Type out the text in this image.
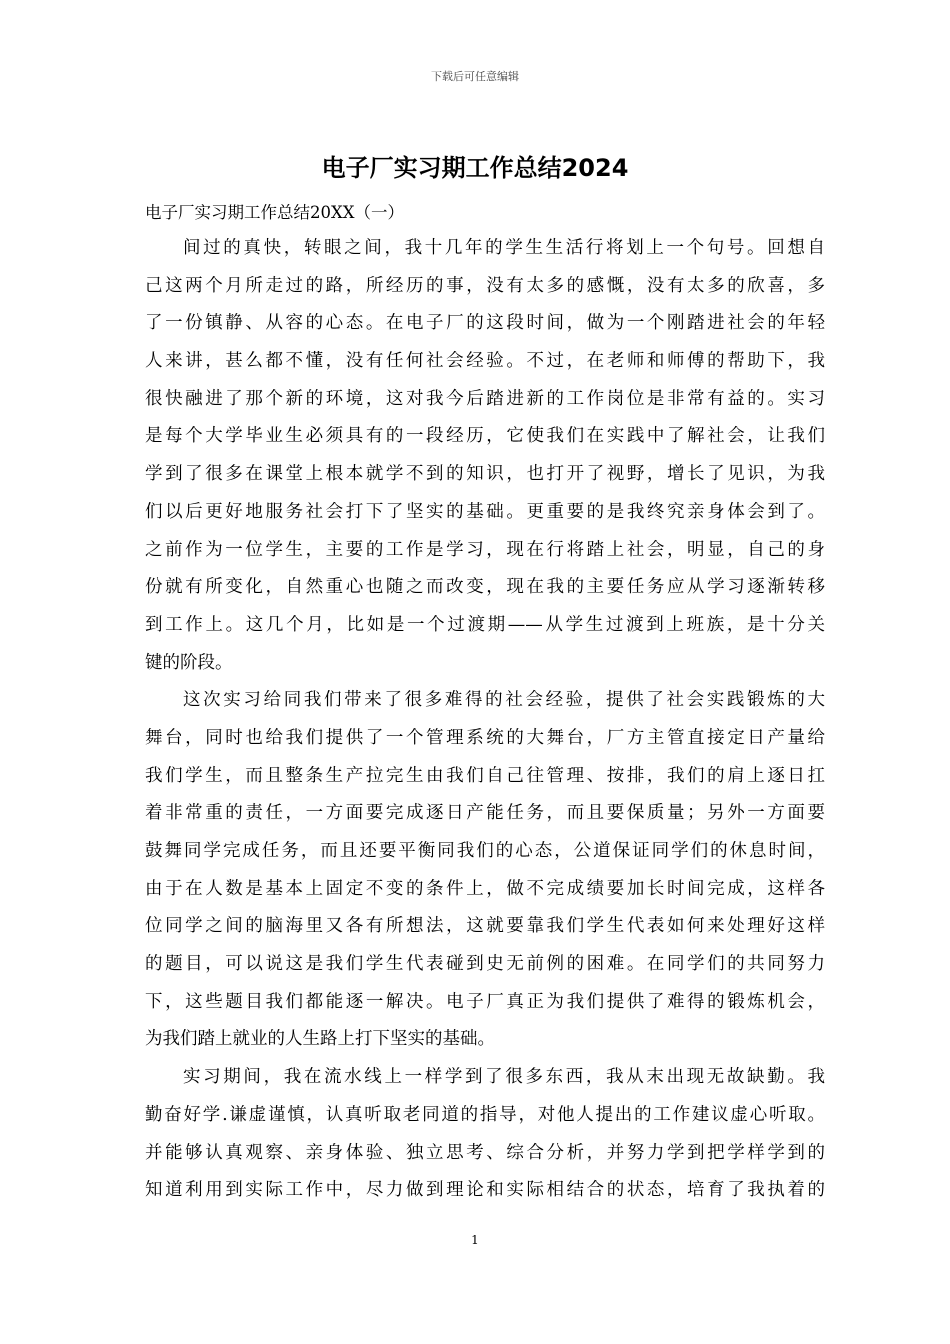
下载后可任意编辑
电子厂实习期工作总结2024

电子厂实习期工作总结20XX（一）

间过的真快，转眼之间，我十几年的学生生活行将划上一个句号。回想自
己这两个月所走过的路，所经历的事，没有太多的感慨，没有太多的欣喜，多
了一份镇静、从容的心态。在电子厂的这段时间，做为一个刚踏进社会的年轻
人来讲，甚么都不懂，没有任何社会经验。不过，在老师和师傅的帮助下，我
很快融进了那个新的环境，这对我今后踏进新的工作岗位是非常有益的。实习
是每个大学毕业生必须具有的一段经历，它使我们在实践中了解社会，让我们
学到了很多在课堂上根本就学不到的知识，也打开了视野，增长了见识，为我
们以后更好地服务社会打下了坚实的基础。更重要的是我终究亲身体会到了。
之前作为一位学生，主要的工作是学习，现在行将踏上社会，明显，自己的身
份就有所变化，自然重心也随之而改变，现在我的主要任务应从学习逐渐转移
到工作上。这几个月，比如是一个过渡期——从学生过渡到上班族，是十分关
键的阶段。
这次实习给同我们带来了很多难得的社会经验，提供了社会实践锻炼的大
舞台，同时也给我们提供了一个管理系统的大舞台，厂方主管直接定日产量给
我们学生，而且整条生产拉完生由我们自己往管理、按排，我们的肩上逐日扛
着非常重的责任，一方面要完成逐日产能任务，而且要保质量；另外一方面要
鼓舞同学完成任务，而且还要平衡同我们的心态，公道保证同学们的休息时间，
由于在人数是基本上固定不变的条件上，做不完成绩要加长时间完成，这样各
位同学之间的脑海里又各有所想法，这就要靠我们学生代表如何来处理好这样
的题目，可以说这是我们学生代表碰到史无前例的困难。在同学们的共同努力
下，这些题目我们都能逐一解决。电子厂真正为我们提供了难得的锻炼机会，
为我们踏上就业的人生路上打下坚实的基础。
实习期间，我在流水线上一样学到了很多东西，我从末出现无故缺勤。我
勤奋好学.谦虚谨慎，认真听取老同道的指导，对他人提出的工作建议虚心听取。
并能够认真观察、亲身体验、独立思考、综合分析，并努力学到把学样学到的
知道利用到实际工作中，尽力做到理论和实际相结合的状态，培育了我执着的
1
